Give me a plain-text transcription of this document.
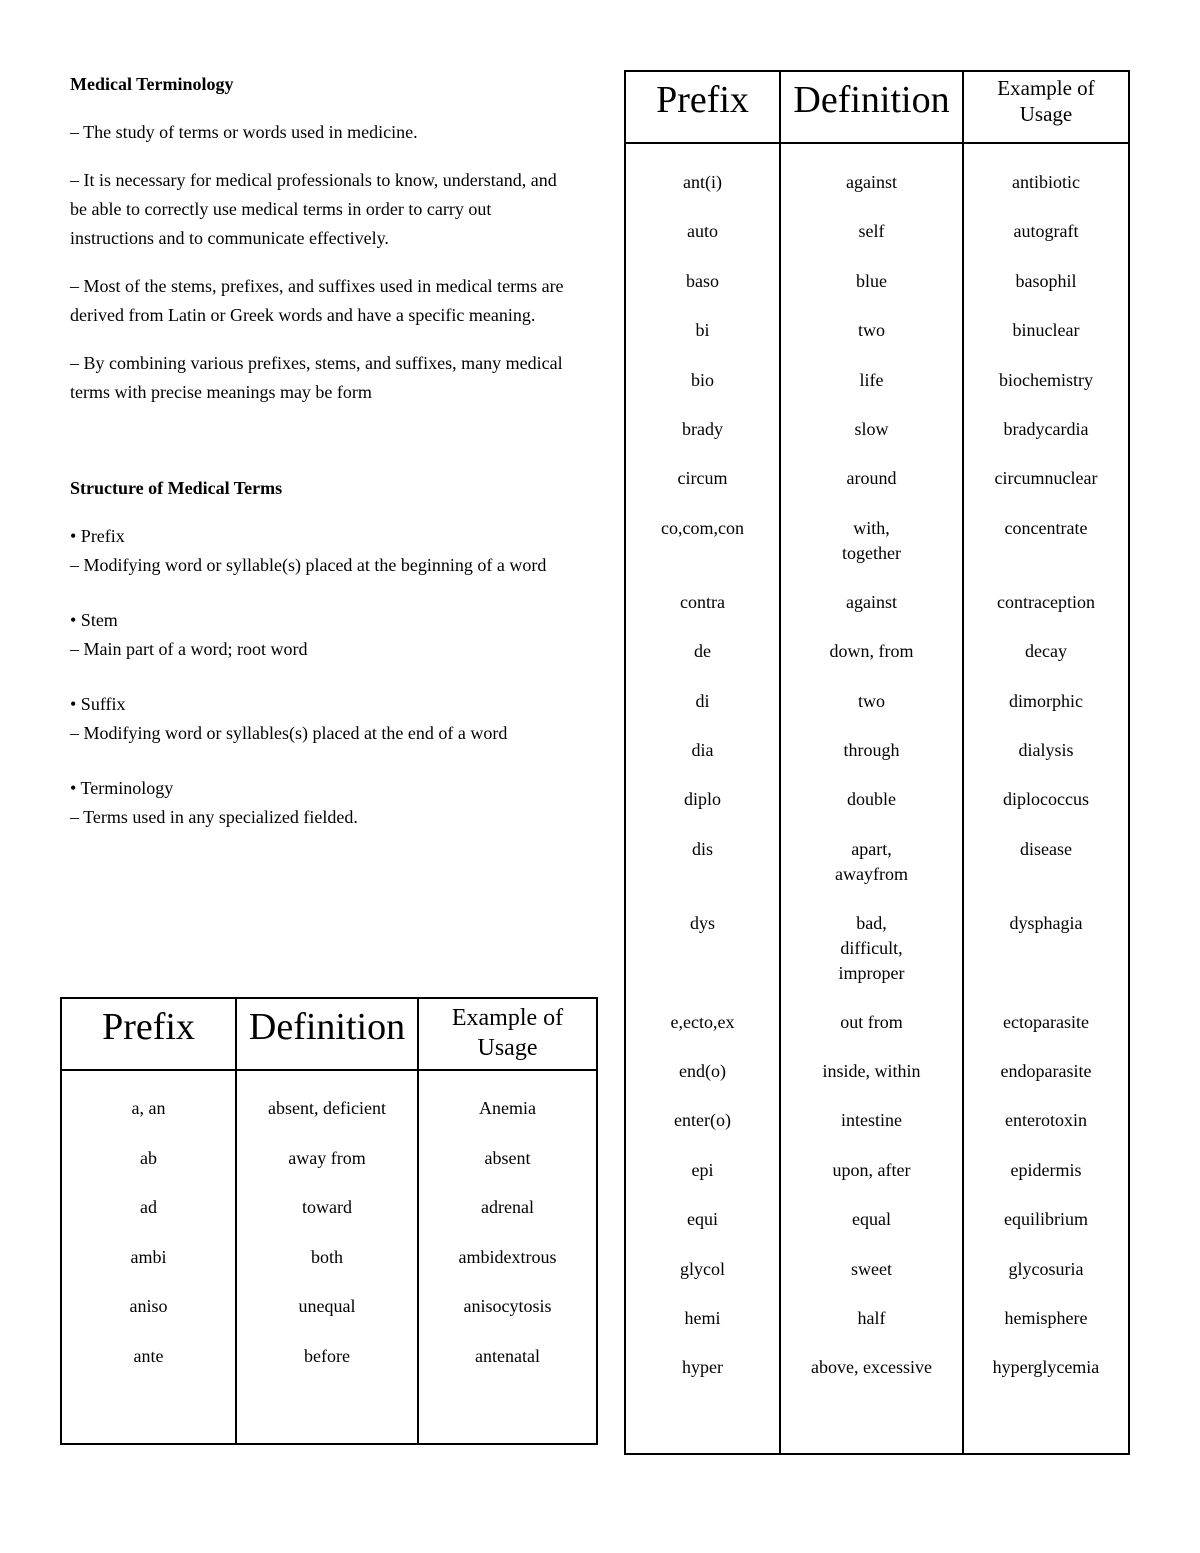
Medical Terminology
– The study of terms or words used in medicine.
– It is necessary for medical professionals to know, understand, and be able to correctly use medical terms in order to carry out instructions and to communicate effectively.
– Most of the stems, prefixes, and suffixes used in medical terms are derived from Latin or Greek words and have a specific meaning.
– By combining various prefixes, stems, and suffixes, many medical terms with precise meanings may be form
Structure of Medical Terms
• Prefix
– Modifying word or syllable(s) placed at the beginning of a word
• Stem
– Main part of a word; root word
• Suffix
– Modifying word or syllables(s) placed at the end of a word
• Terminology
– Terms used in any specialized fielded.
Prefix	Definition	Example of
Usage

a, an	absent, deficient	Anemia
ab	away from	absent
ad	toward	adrenal
ambi	both	ambidextrous
aniso	unequal	anisocytosis
ante	before	antenatal

Prefix	Definition	Example of
Usage

ant(i)	against	antibiotic
auto	self	autograft
baso	blue	basophil
bi	two	binuclear
bio	life	biochemistry
brady	slow	bradycardia
circum	around	circumnuclear
co,com,con	with,
together	concentrate
contra	against	contraception
de	down, from	decay
di	two	dimorphic
dia	through	dialysis
diplo	double	diplococcus
dis	apart,
awayfrom	disease
dys	bad,
difficult,
improper	dysphagia
e,ecto,ex	out from	ectoparasite
end(o)	inside, within	endoparasite
enter(o)	intestine	enterotoxin
epi	upon, after	epidermis
equi	equal	equilibrium
glycol	sweet	glycosuria
hemi	half	hemisphere
hyper	above, excessive	hyperglycemia
